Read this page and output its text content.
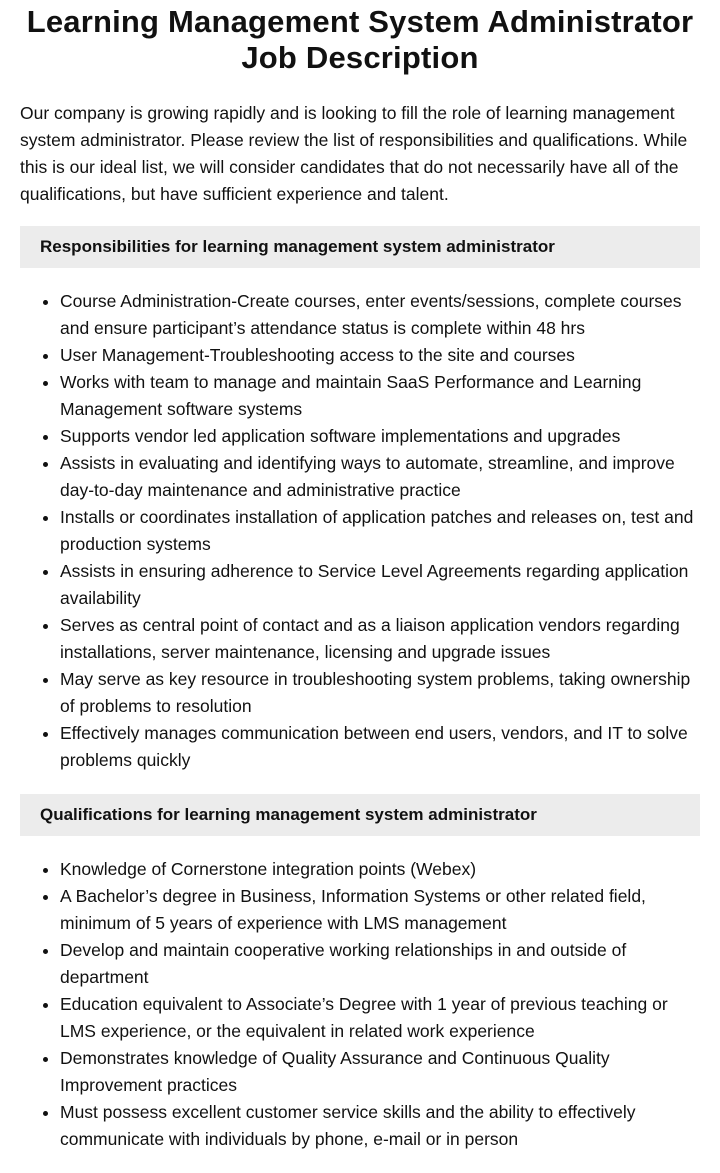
Learning Management System Administrator Job Description

Our company is growing rapidly and is looking to fill the role of learning management system administrator. Please review the list of responsibilities and qualifications. While this is our ideal list, we will consider candidates that do not necessarily have all of the qualifications, but have sufficient experience and talent.

Responsibilities for learning management system administrator
• Course Administration-Create courses, enter events/sessions, complete courses and ensure participant’s attendance status is complete within 48 hrs
• User Management-Troubleshooting access to the site and courses
• Works with team to manage and maintain SaaS Performance and Learning Management software systems
• Supports vendor led application software implementations and upgrades
• Assists in evaluating and identifying ways to automate, streamline, and improve day-to-day maintenance and administrative practice
• Installs or coordinates installation of application patches and releases on, test and production systems
• Assists in ensuring adherence to Service Level Agreements regarding application availability
• Serves as central point of contact and as a liaison application vendors regarding installations, server maintenance, licensing and upgrade issues
• May serve as key resource in troubleshooting system problems, taking ownership of problems to resolution
• Effectively manages communication between end users, vendors, and IT to solve problems quickly
Qualifications for learning management system administrator
• Knowledge of Cornerstone integration points (Webex)
• A Bachelor’s degree in Business, Information Systems or other related field, minimum of 5 years of experience with LMS management
• Develop and maintain cooperative working relationships in and outside of department
• Education equivalent to Associate’s Degree with 1 year of previous teaching or LMS experience, or the equivalent in related work experience
• Demonstrates knowledge of Quality Assurance and Continuous Quality Improvement practices
• Must possess excellent customer service skills and the ability to effectively communicate with individuals by phone, e-mail or in person
